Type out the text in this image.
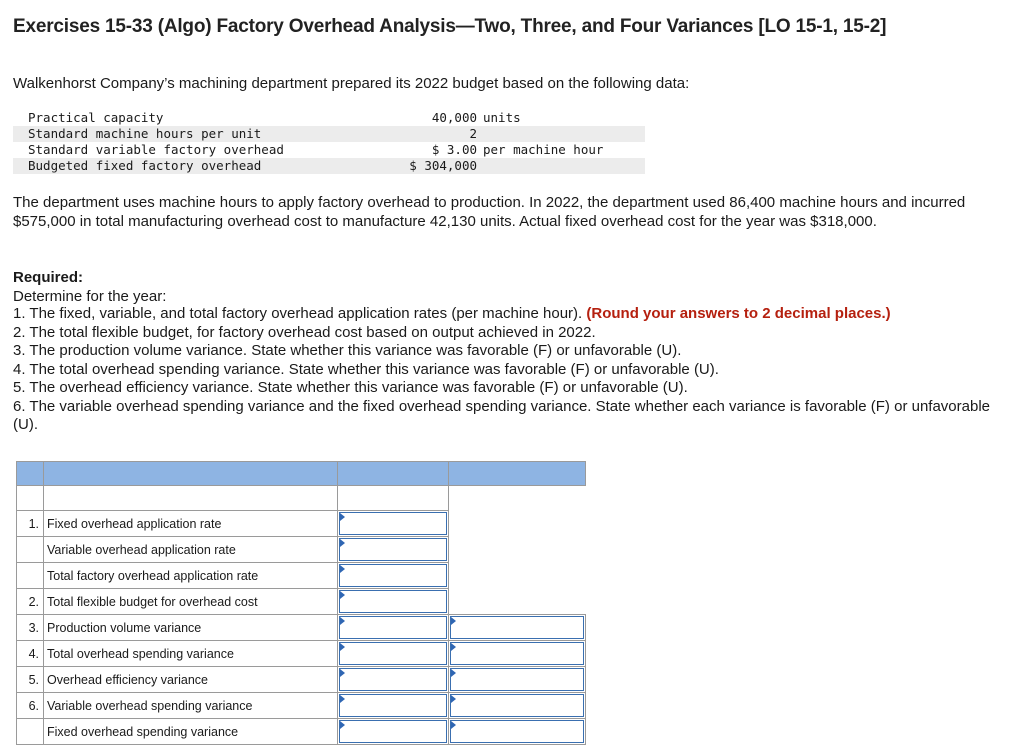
Exercises 15-33 (Algo) Factory Overhead Analysis—Two, Three, and Four Variances [LO 15-1, 15-2]

Walkenhorst Company’s machining department prepared its 2022 budget based on the following data:

Practical capacity	40,000 units
Standard machine hours per unit	2
Standard variable factory overhead	$ 3.00 per machine hour
Budgeted fixed factory overhead	$ 304,000

The department uses machine hours to apply factory overhead to production. In 2022, the department used 86,400 machine hours and incurred $575,000 in total manufacturing overhead cost to manufacture 42,130 units. Actual fixed overhead cost for the year was $318,000.

Required:

Determine for the year:

1. The fixed, variable, and total factory overhead application rates (per machine hour). (Round your answers to 2 decimal places.)
2. The total flexible budget, for factory overhead cost based on output achieved in 2022.
3. The production volume variance. State whether this variance was favorable (F) or unfavorable (U).
4. The total overhead spending variance. State whether this variance was favorable (F) or unfavorable (U).
5. The overhead efficiency variance. State whether this variance was favorable (F) or unfavorable (U).
6. The variable overhead spending variance and the fixed overhead spending variance. State whether each variance is favorable (F) or unfavorable (U).

1.	Fixed overhead application rate	

	Variable overhead application rate	

	Total factory overhead application rate	

2.	Total flexible budget for overhead cost	

3.	Production volume variance	

4.	Total overhead spending variance	

5.	Overhead efficiency variance	

6.	Variable overhead spending variance	

	Fixed overhead spending variance	
